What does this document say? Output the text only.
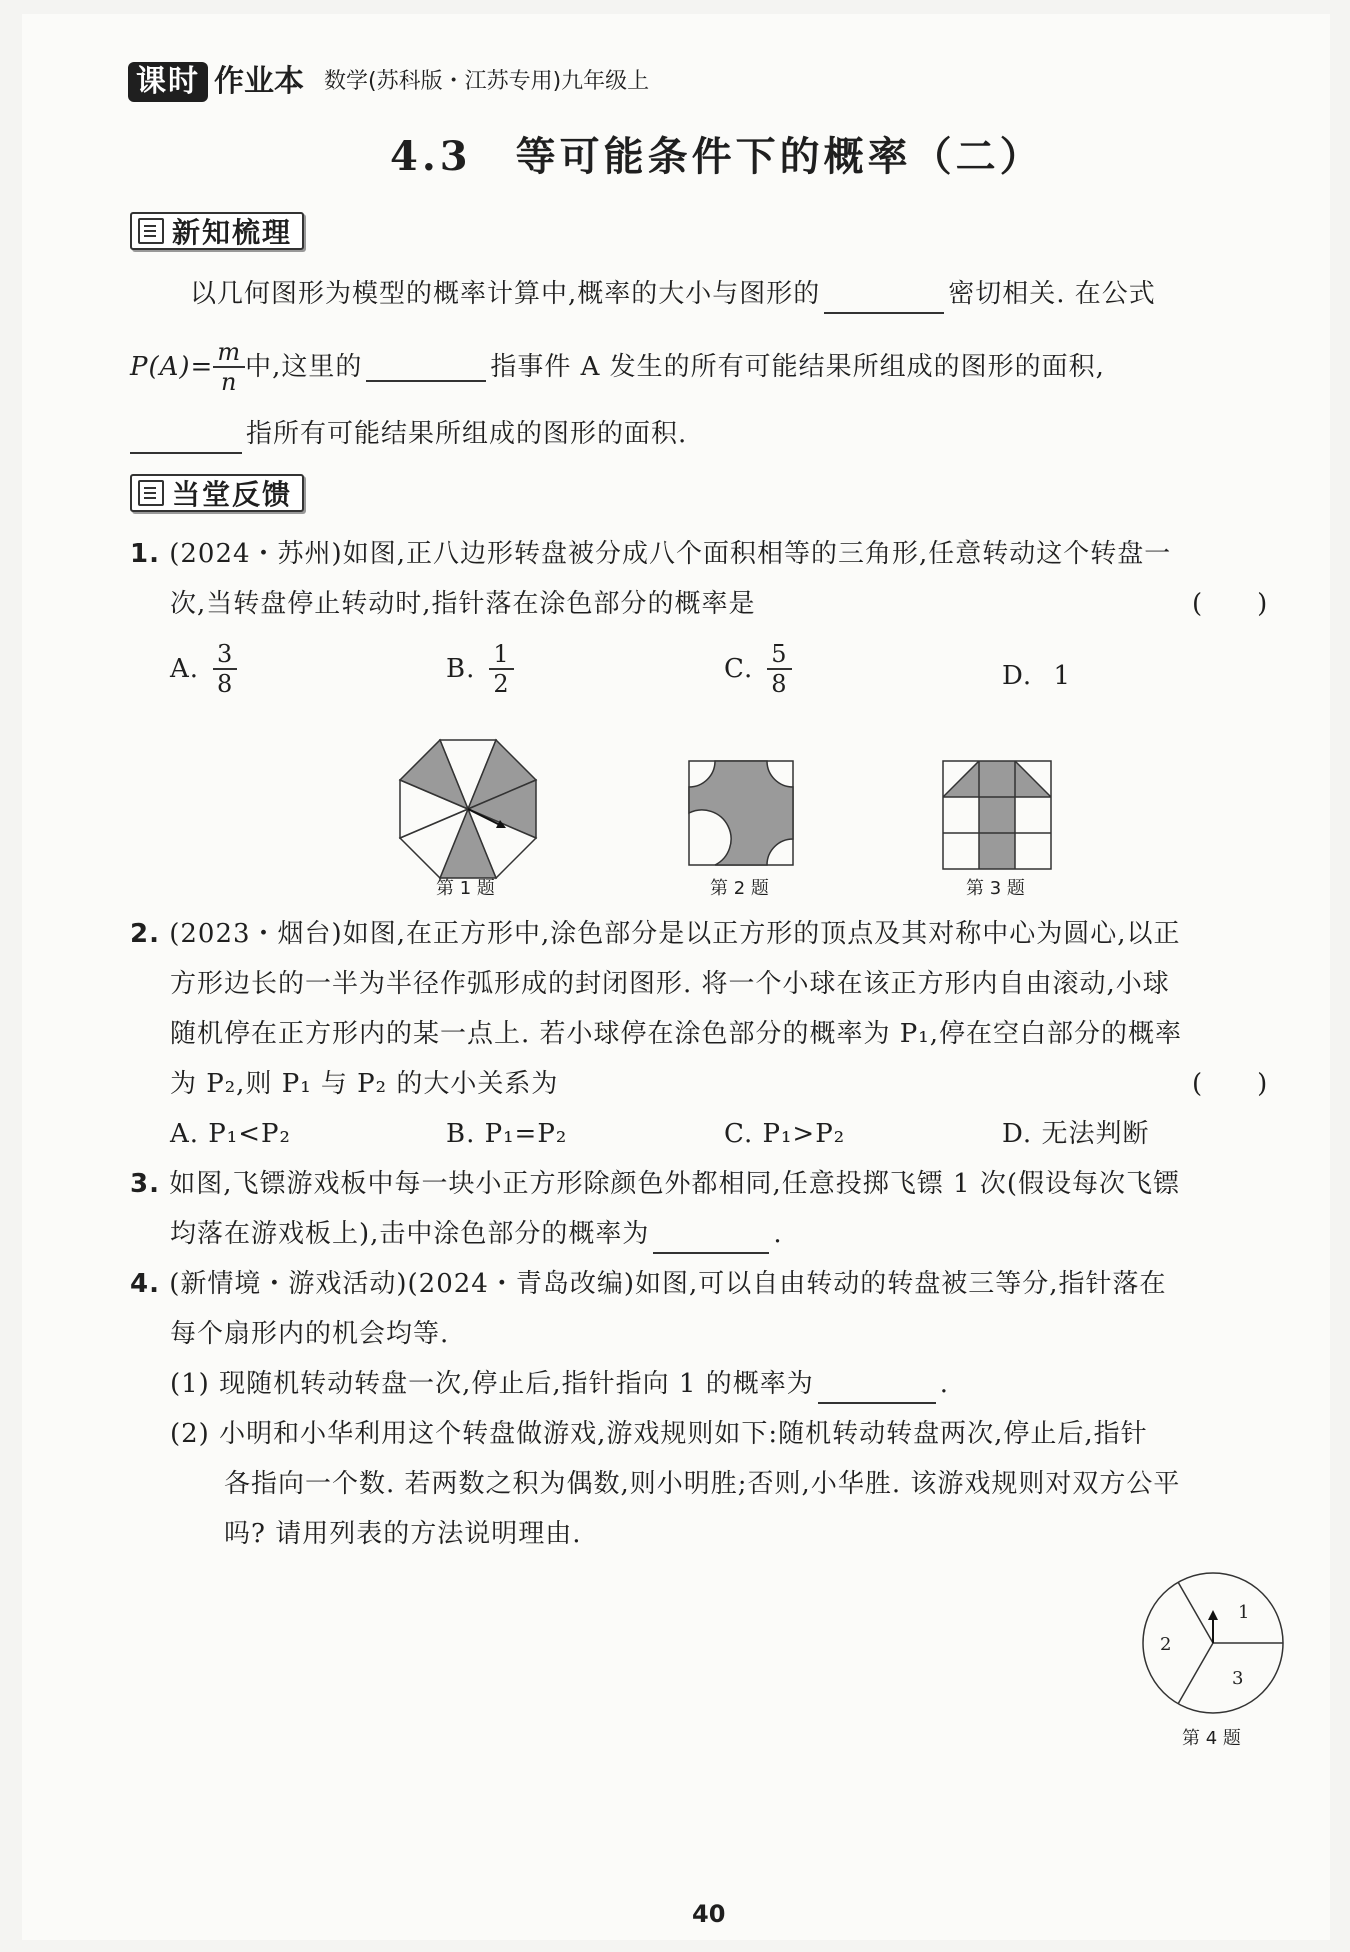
课时 作业本 数学(苏科版・江苏专用)九年级上
4.3　等可能条件下的概率（二）
新知梳理
以几何图形为模型的概率计算中,概率的大小与图形的	密切相关. 在公式
$P(A)= \frac{m}{n}$ 中,这里的	指事件 A 发生的所有可能结果所组成的图形的面积,
指所有可能结果所组成的图形的面积.
当堂反馈
1. (2024・苏州)如图,正八边形转盘被分成八个面积相等的三角形,任意转动这个转盘一
次,当转盘停止转动时,指针落在涂色部分的概率是	(　　)
A. $\frac{3}{8}$	B. $\frac{1}{2}$	C. $\frac{5}{8}$	D. 1
第 1 题	第 2 题	第 3 题
2. (2023・烟台)如图,在正方形中,涂色部分是以正方形的顶点及其对称中心为圆心,以正
方形边长的一半为半径作弧形成的封闭图形. 将一个小球在该正方形内自由滚动,小球
随机停在正方形内的某一点上. 若小球停在涂色部分的概率为 P₁,停在空白部分的概率
为 P₂,则 P₁ 与 P₂ 的大小关系为	(　　)
A. P₁<P₂	B. P₁=P₂	C. P₁>P₂	D. 无法判断
3. 如图,飞镖游戏板中每一块小正方形除颜色外都相同,任意投掷飞镖 1 次(假设每次飞镖
均落在游戏板上),击中涂色部分的概率为	.
4. (新情境・游戏活动)(2024・青岛改编)如图,可以自由转动的转盘被三等分,指针落在
每个扇形内的机会均等.
(1) 现随机转动转盘一次,停止后,指针指向 1 的概率为	.
(2) 小明和小华利用这个转盘做游戏,游戏规则如下:随机转动转盘两次,停止后,指针
各指向一个数. 若两数之积为偶数,则小明胜;否则,小华胜. 该游戏规则对双方公平
吗? 请用列表的方法说明理由.
1
2
3
第 4 题
40
